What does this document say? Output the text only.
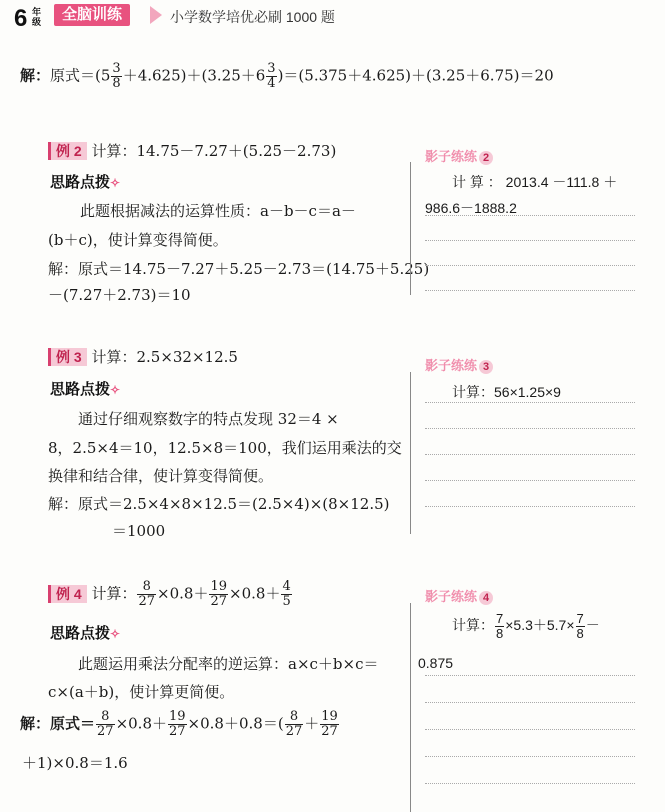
6 年级	全脑训练	小学数学培优必刷 1000 题
解：原式$=(5 \frac{3}{8} +4.625)+(3.25+6 \frac{3}{4} )=(5.375+4.625)+(3.25+6.75)=20$
例 2 计算：14.75－7.27＋(5.25－2.73)
思路点拨✧
此题根据减法的运算性质：a－b－c＝a－
(b＋c)，使计算变得简便。
解：原式＝14.75－7.27＋5.25－2.73＝(14.75＋5.25)
－(7.27＋2.73)＝10
影子练练 2
计 算 ： 2013.4 －111.8 ＋
986.6－1888.2
例 3 计算：2.5×32×12.5
思路点拨✧
通过仔细观察数字的特点发现 32＝4 ×
8，2.5×4＝10，12.5×8＝100，我们运用乘法的交
换律和结合律，使计算变得简便。
解：原式＝2.5×4×8×12.5＝(2.5×4)×(8×12.5)
＝1000
影子练练 3
计算：56×1.25×9
例 4 计算： $\frac{8}{27} \times 0.8+ \frac{19}{27} \times 0.8+ \frac{4}{5}$
思路点拨✧
此题运用乘法分配率的逆运算：a×c＋b×c＝
c×(a＋b)，使计算更简便。
解：原式＝ $\frac{8}{27} \times 0.8+ \frac{19}{27} \times 0.8+0.8=( \frac{8}{27} + \frac{19}{27}$
＋1)×0.8＝1.6
影子练练 4
计算： $\frac{7}{8} \times 5.3+5.7\times \frac{7}{8}$ －
0.875
